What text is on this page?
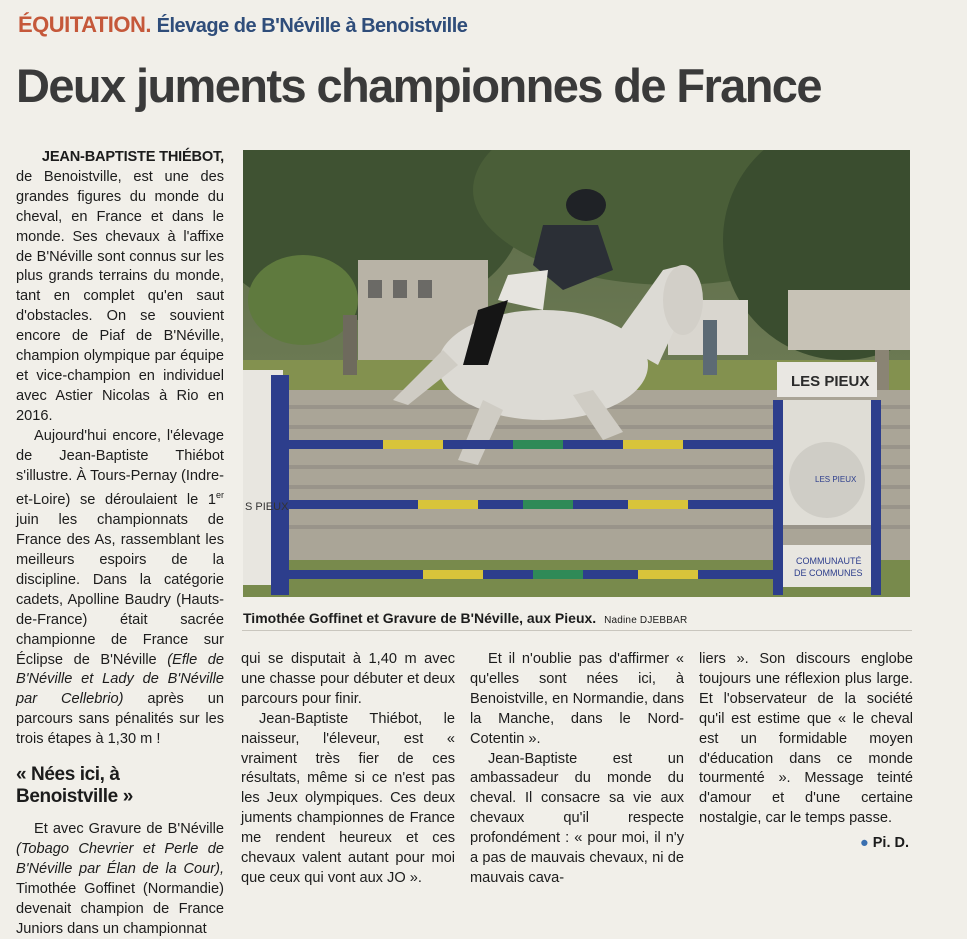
ÉQUITATION. Élevage de B'Néville à Benoistville
Deux juments championnes de France

JEAN-BAPTISTE THIÉBOT,

de Benoistville, est une des grandes figures du monde du cheval, en France et dans le monde. Ses chevaux à l'affixe de B'Néville sont connus sur les plus grands terrains du monde, tant en complet qu'en saut d'obstacles. On se souvient encore de Piaf de B'Néville, champion olympique par équipe et vice-champion en individuel avec Astier Nicolas à Rio en 2016.

Aujourd'hui encore, l'élevage de Jean-Baptiste Thiébot s'illustre. À Tours-Pernay (Indre-et-Loire) se déroulaient le 1er juin les championnats de France des As, rassemblant les meilleurs espoirs de la discipline. Dans la catégorie cadets, Apolline Baudry (Hauts-de-France) était sacrée championne de France sur Éclipse de B'Néville (Efle de B'Néville et Lady de B'Néville par Cellebrio) après un parcours sans pénalités sur les trois étapes à 1,30 m !

« Nées ici, à Benoistville »

Et avec Gravure de B'Néville (Tobago Chevrier et Perle de B'Néville par Élan de la Cour), Timothée Goffinet (Normandie) devenait champion de France Juniors dans un championnat

S PIEUX
LES PIEUX
LES PIEUX
COMMUNAUTÉ
DE COMMUNES
Timothée Goffinet et Gravure de B'Néville, aux Pieux. Nadine DJEBBAR

qui se disputait à 1,40 m avec une chasse pour débuter et deux parcours pour finir.

Jean-Baptiste Thiébot, le naisseur, l'éleveur, est « vraiment très fier de ces résultats, même si ce n'est pas les Jeux olympiques. Ces deux juments championnes de France me rendent heureux et ces chevaux valent autant pour moi que ceux qui vont aux JO ».

Et il n'oublie pas d'affirmer « qu'elles sont nées ici, à Benoistville, en Normandie, dans la Manche, dans le Nord-Cotentin ».

Jean-Baptiste est un ambassadeur du monde du cheval. Il consacre sa vie aux chevaux qu'il respecte profondément : « pour moi, il n'y a pas de mauvais chevaux, ni de mauvais cava-

liers ». Son discours englobe toujours une réflexion plus large. Et l'observateur de la société qu'il est estime que « le cheval est un formidable moyen d'éducation dans ce monde tourmenté ». Message teinté d'amour et d'une certaine nostalgie, car le temps passe.

● Pi. D.
